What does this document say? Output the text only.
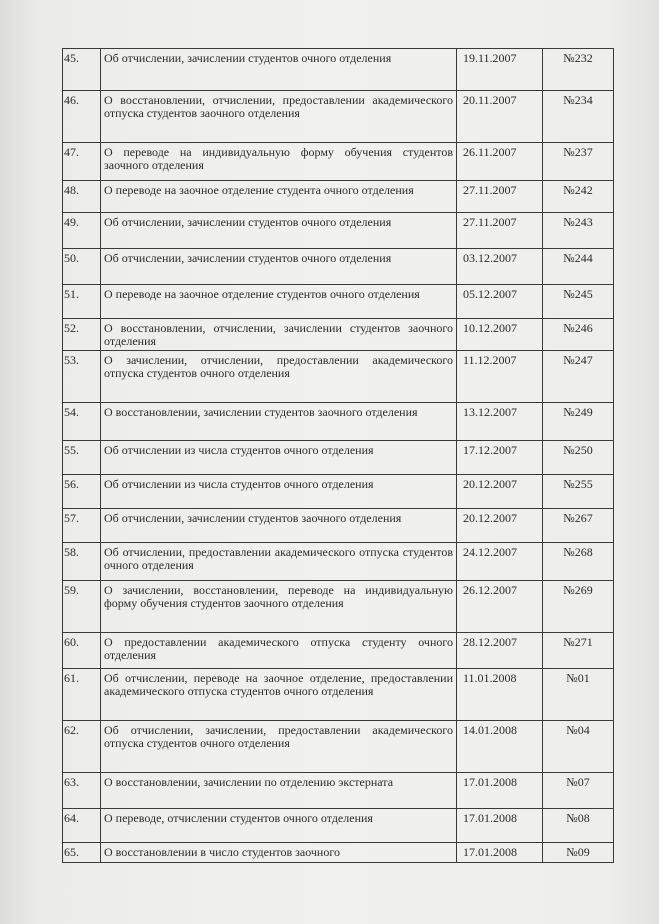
45.	Об отчислении, зачислении студентов очного отделения	19.11.2007	№232
46.	О восстановлении, отчислении, предоставлении академического отпуска студентов заочного отделения	20.11.2007	№234
47.	О переводе на индивидуальную форму обучения студентов заочного отделения	26.11.2007	№237
48.	О переводе на заочное отделение студента очного отделения	27.11.2007	№242
49.	Об отчислении, зачислении студентов очного отделения	27.11.2007	№243
50.	Об отчислении, зачислении студентов очного отделения	03.12.2007	№244
51.	О переводе на заочное отделение студентов очного отделения	05.12.2007	№245
52.	О восстановлении, отчислении, зачислении студентов заочного отделения	10.12.2007	№246
53.	О зачислении, отчислении, предоставлении академического отпуска студентов очного отделения	11.12.2007	№247
54.	О восстановлении, зачислении студентов заочного отделения	13.12.2007	№249
55.	Об отчислении из числа студентов очного отделения	17.12.2007	№250
56.	Об отчислении из числа студентов очного отделения	20.12.2007	№255
57.	Об отчислении, зачислении студентов заочного отделения	20.12.2007	№267
58.	Об отчислении, предоставлении академического отпуска студентов очного отделения	24.12.2007	№268
59.	О зачислении, восстановлении, переводе на индивидуальную форму обучения студентов заочного отделения	26.12.2007	№269
60.	О предоставлении академического отпуска студенту очного отделения	28.12.2007	№271
61.	Об отчислении, переводе на заочное отделение, предоставлении академического отпуска студентов очного отделения	11.01.2008	№01
62.	Об отчислении, зачислении, предоставлении академического отпуска студентов очного отделения	14.01.2008	№04
63.	О восстановлении, зачислении по отделению экстерната	17.01.2008	№07
64.	О переводе, отчислении студентов очного отделения	17.01.2008	№08
65.	О восстановлении в число студентов заочного	17.01.2008	№09
